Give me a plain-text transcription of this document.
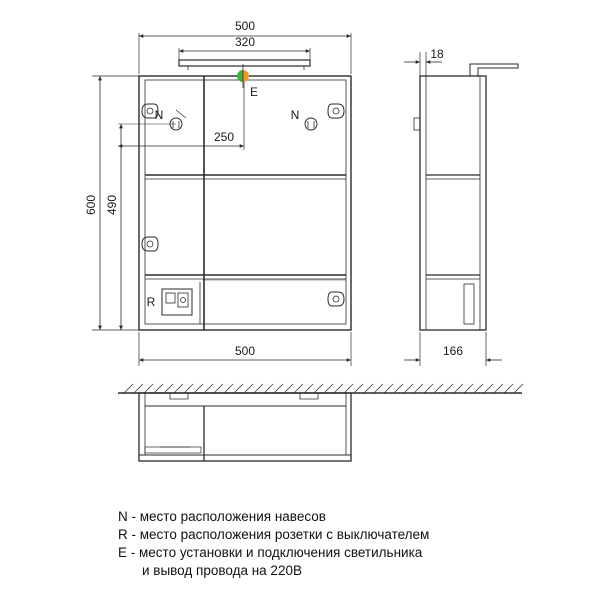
500
320
250
600 490
500
N	N
E
R
18
166
N - место расположения навесов
R - место расположения розетки с выключателем
E - место установки и подключения светильника
и вывод провода на 220В
